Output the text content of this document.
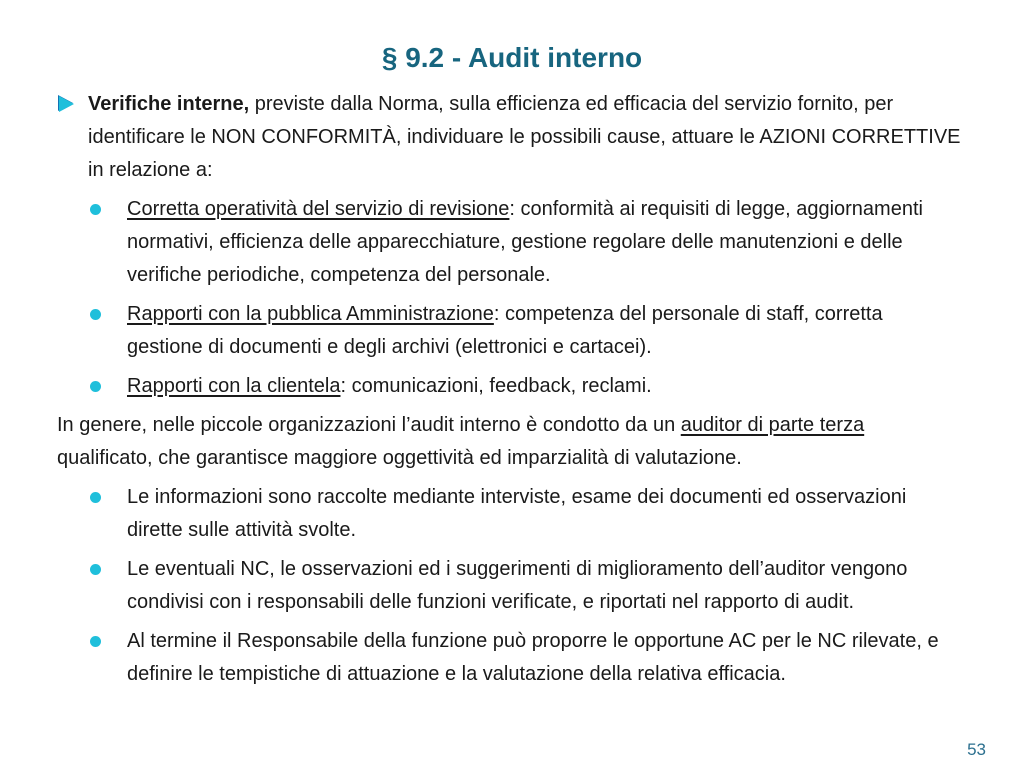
§ 9.2 - Audit interno

Verifiche interne, previste dalla Norma, sulla efficienza ed efficacia del servizio fornito, per identificare le NON CONFORMITÀ, individuare le possibili cause, attuare le AZIONI CORRETTIVE in relazione a:

Corretta operatività del servizio di revisione: conformità ai requisiti di legge, aggiornamenti normativi, efficienza delle apparecchiature, gestione regolare delle manutenzioni e delle verifiche periodiche, competenza del personale.

Rapporti con la pubblica Amministrazione: competenza del personale di staff, corretta gestione di documenti e degli archivi (elettronici e cartacei).

Rapporti con la clientela: comunicazioni, feedback, reclami.

In genere, nelle piccole organizzazioni l’audit interno è condotto da un auditor di parte terza qualificato, che garantisce maggiore oggettività ed imparzialità di valutazione.

Le informazioni sono raccolte mediante interviste, esame dei documenti ed osservazioni dirette sulle attività svolte.

Le eventuali NC, le osservazioni ed i suggerimenti di miglioramento dell’auditor vengono condivisi con i responsabili delle funzioni verificate, e riportati nel rapporto di audit.

Al termine il Responsabile della funzione può proporre le opportune AC per le NC rilevate, e definire le tempistiche di attuazione e la valutazione della relativa efficacia.

53
